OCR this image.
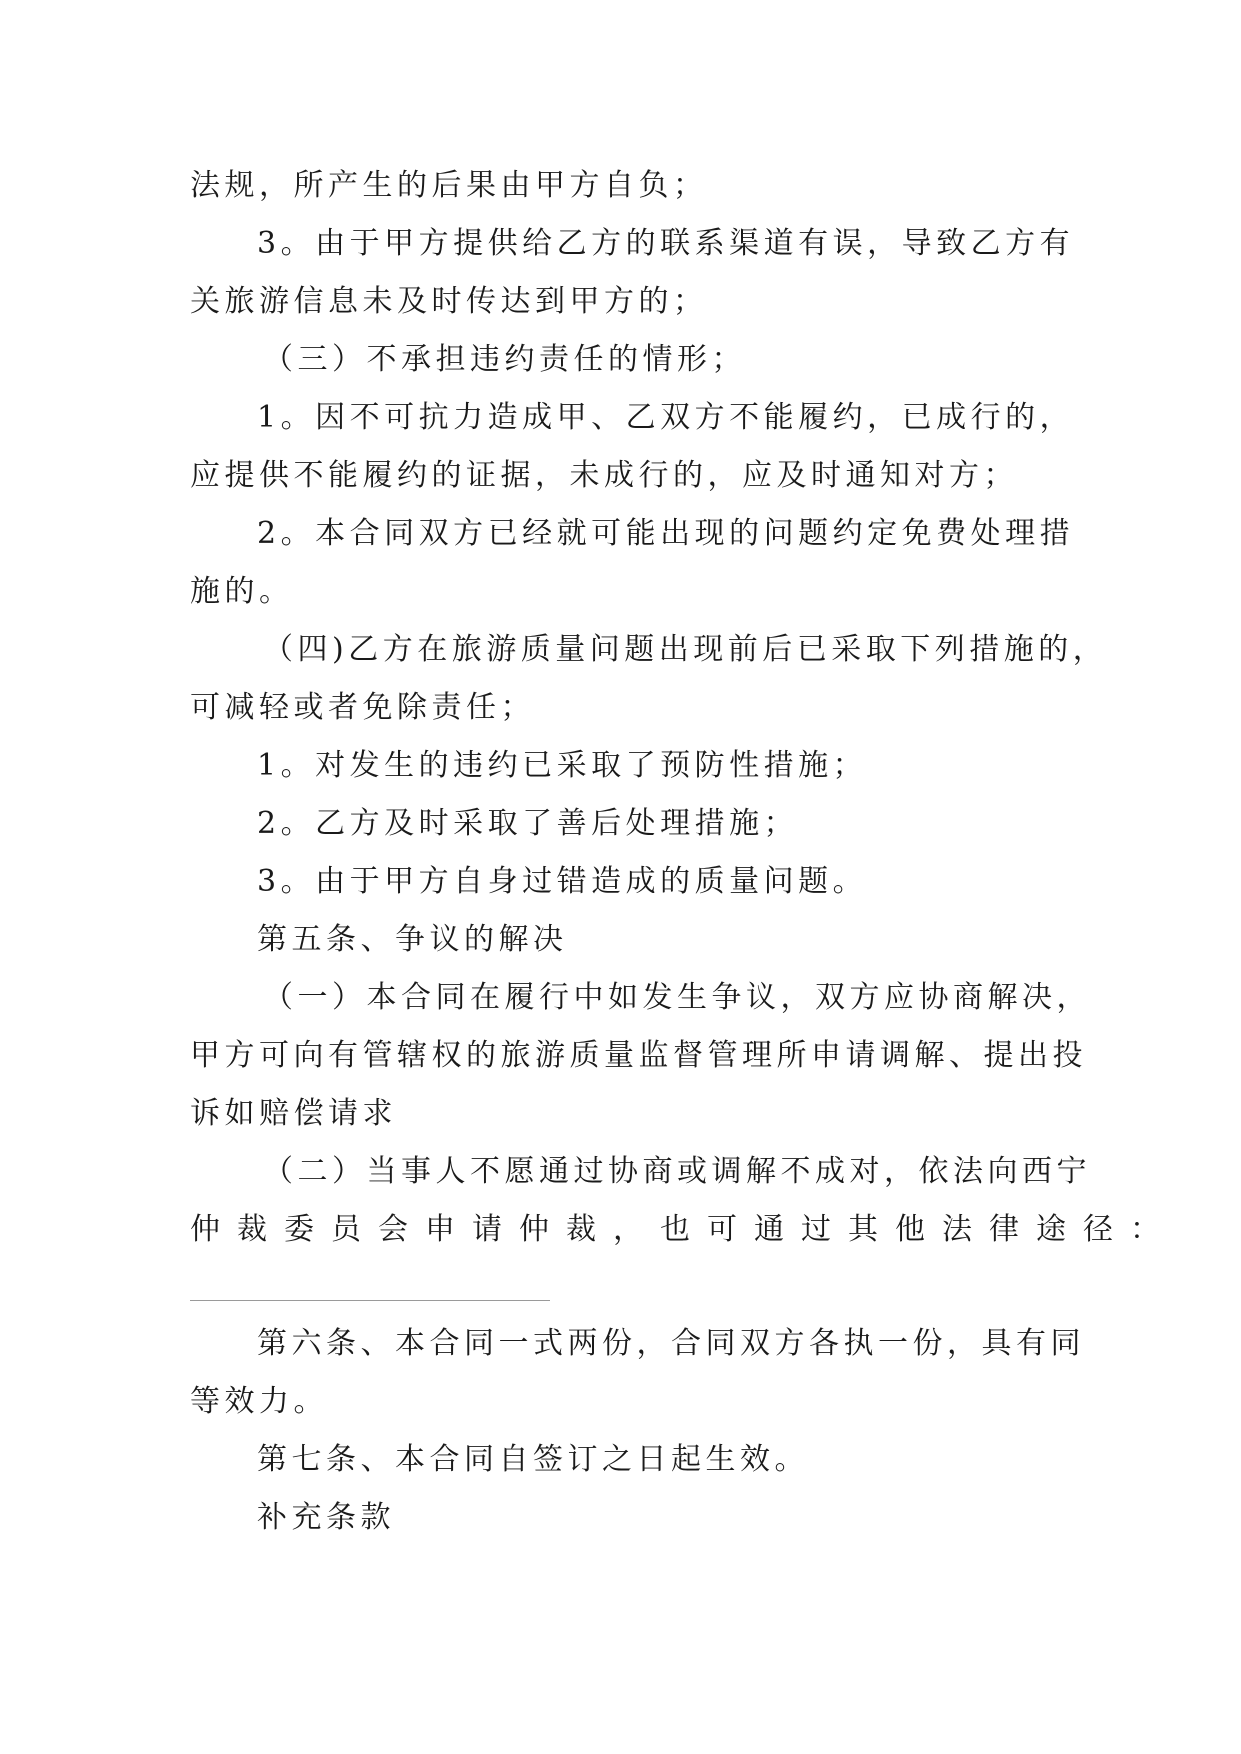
法规，所产生的后果由甲方自负；
3。由于甲方提供给乙方的联系渠道有误，导致乙方有
关旅游信息未及时传达到甲方的；
（三）不承担违约责任的情形；
1。因不可抗力造成甲、乙双方不能履约，已成行的，
应提供不能履约的证据，未成行的，应及时通知对方；
2。本合同双方已经就可能出现的问题约定免费处理措
施的。
（四)乙方在旅游质量问题出现前后已采取下列措施的，
可减轻或者免除责任；
1。对发生的违约已采取了预防性措施；
2。乙方及时采取了善后处理措施；
3。由于甲方自身过错造成的质量问题。
第五条、争议的解决
（一）本合同在履行中如发生争议，双方应协商解决，
甲方可向有管辖权的旅游质量监督管理所申请调解、提出投
诉如赔偿请求
（二）当事人不愿通过协商或调解不成对，依法向西宁
仲裁委员会申请仲裁，也可通过其他法律途径：
第六条、本合同一式两份，合同双方各执一份，具有同
等效力。
第七条、本合同自签订之日起生效。
补充条款
